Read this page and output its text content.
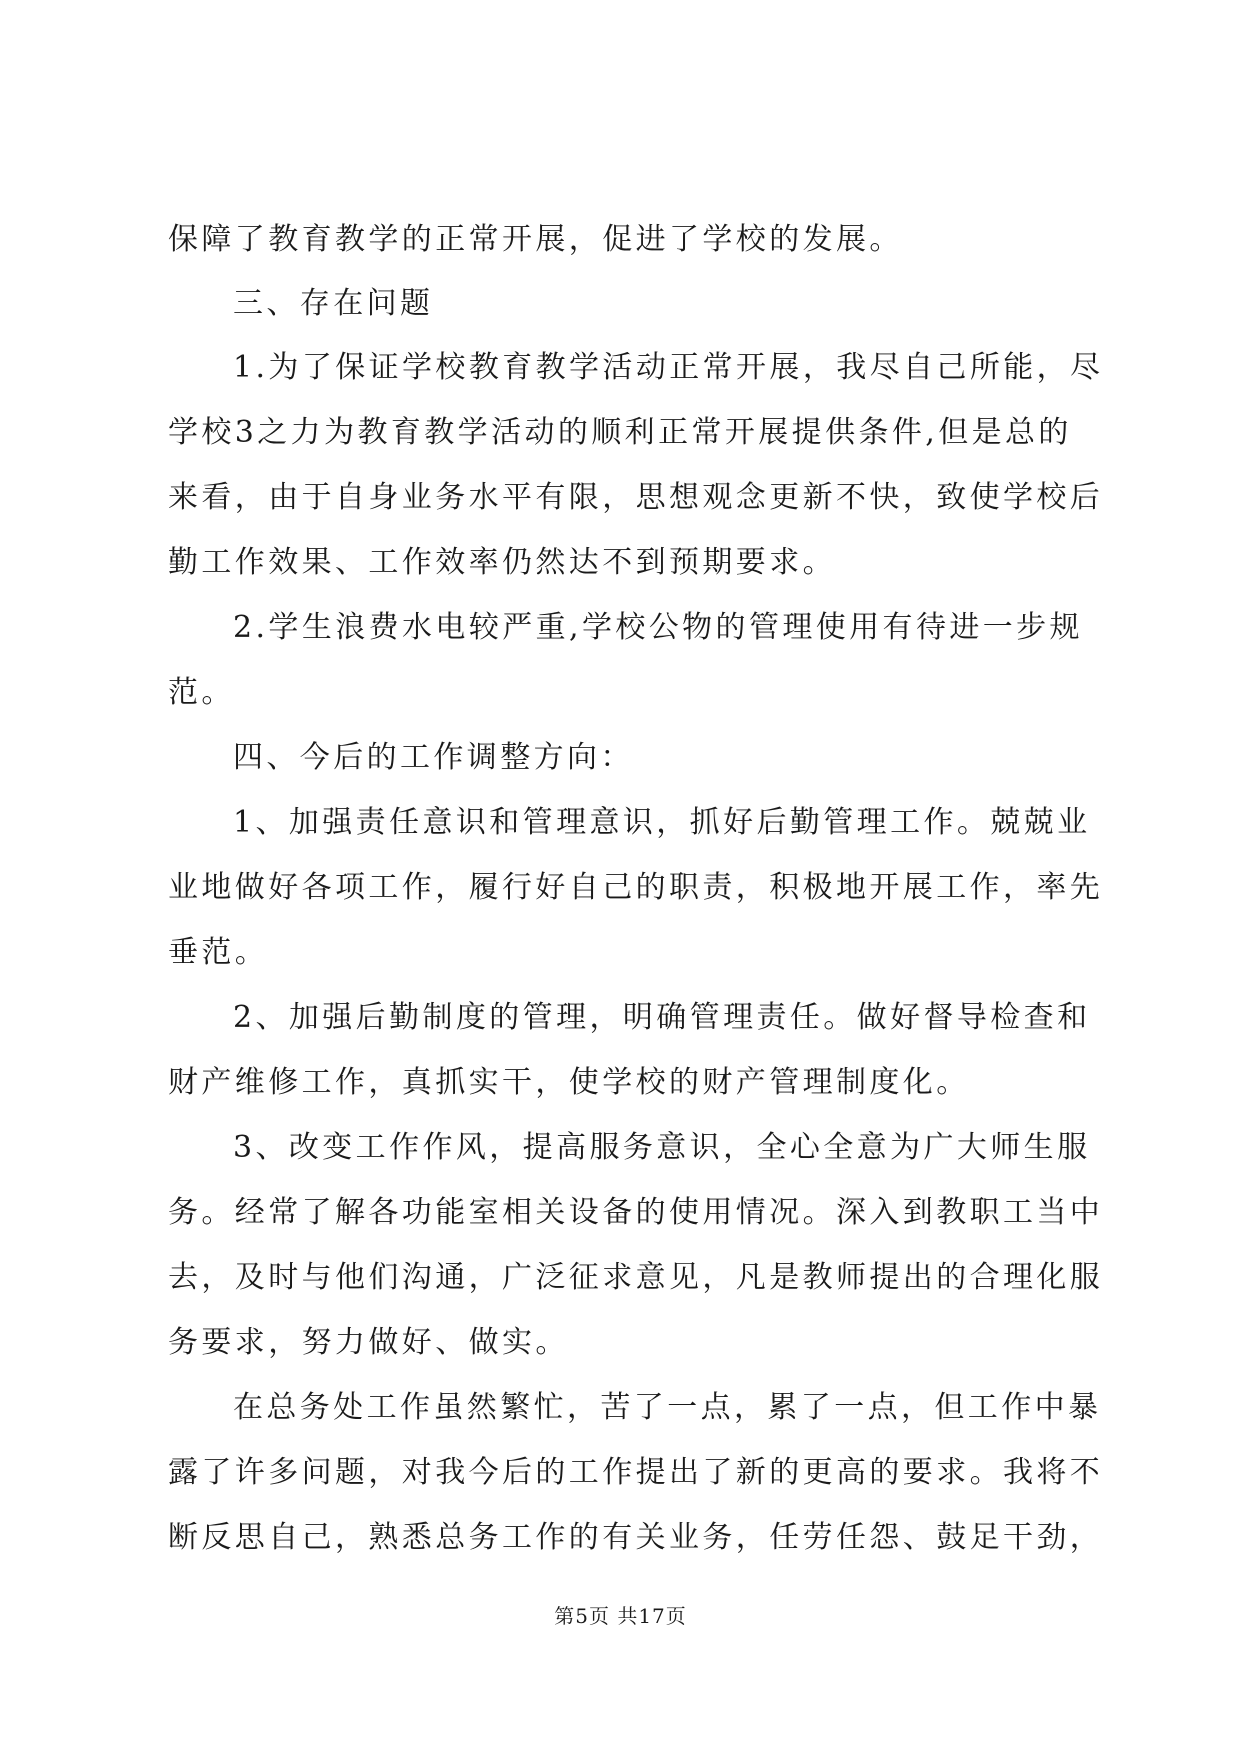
保障了教育教学的正常开展，促进了学校的发展。
三、存在问题
1.为了保证学校教育教学活动正常开展，我尽自己所能，尽
学校3之力为教育教学活动的顺利正常开展提供条件,但是总的
来看，由于自身业务水平有限，思想观念更新不快，致使学校后
勤工作效果、工作效率仍然达不到预期要求。
2.学生浪费水电较严重,学校公物的管理使用有待进一步规
范。
四、今后的工作调整方向：
1、加强责任意识和管理意识，抓好后勤管理工作。兢兢业
业地做好各项工作，履行好自己的职责，积极地开展工作，率先
垂范。
2、加强后勤制度的管理，明确管理责任。做好督导检查和
财产维修工作，真抓实干，使学校的财产管理制度化。
3、改变工作作风，提高服务意识，全心全意为广大师生服
务。经常了解各功能室相关设备的使用情况。深入到教职工当中
去，及时与他们沟通，广泛征求意见，凡是教师提出的合理化服
务要求，努力做好、做实。
在总务处工作虽然繁忙，苦了一点，累了一点，但工作中暴
露了许多问题，对我今后的工作提出了新的更高的要求。我将不
断反思自己，熟悉总务工作的有关业务，任劳任怨、鼓足干劲，
第5页 共17页
